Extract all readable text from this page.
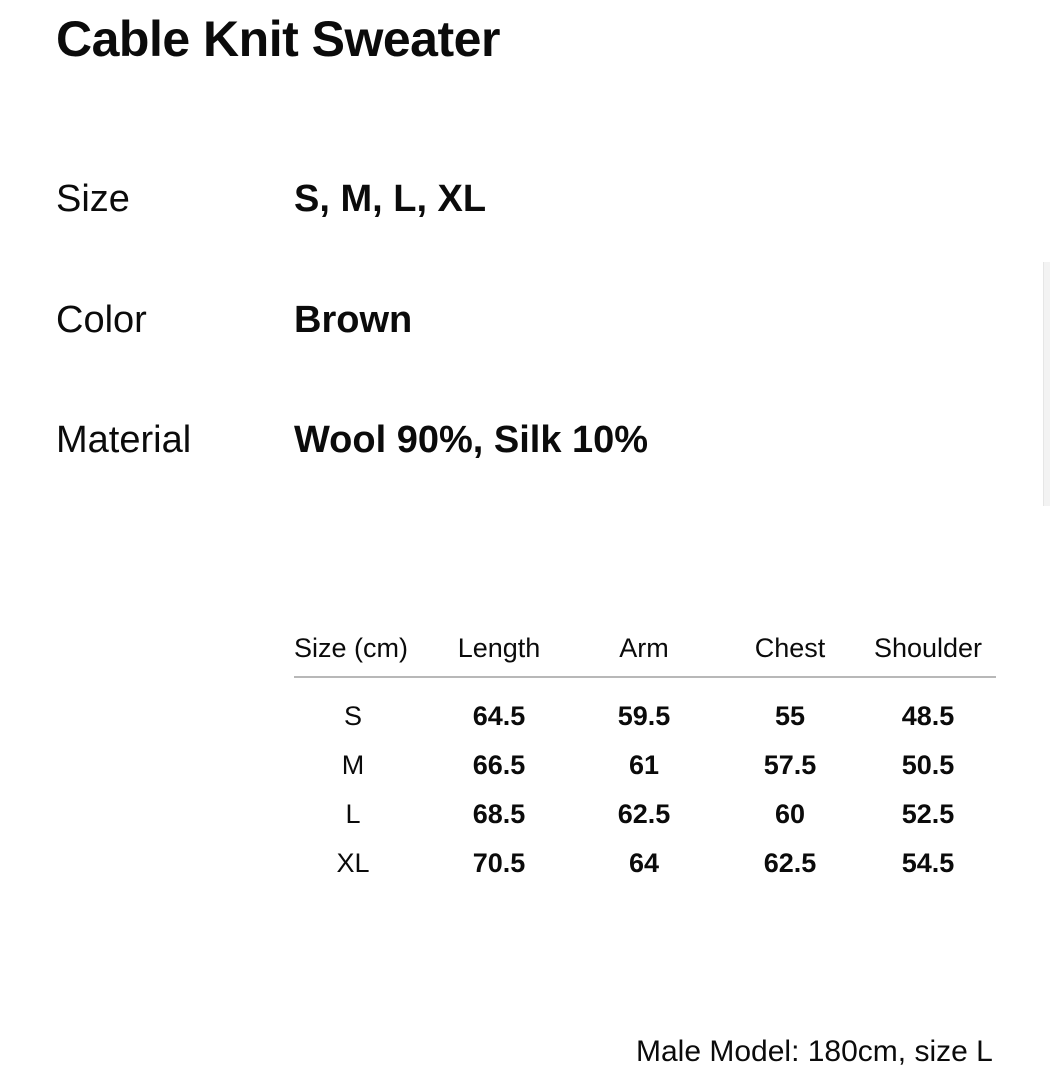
Cable Knit Sweater
Size	S, M, L, XL
Color	Brown
Material	Wool 90%, Silk 10%
Size (cm)	Length	Arm	Chest	Shoulder
S	64.5	59.5	55	48.5
M	66.5	61	57.5	50.5
L	68.5	62.5	60	52.5
XL	70.5	64	62.5	54.5
Male Model: 180cm, size L
